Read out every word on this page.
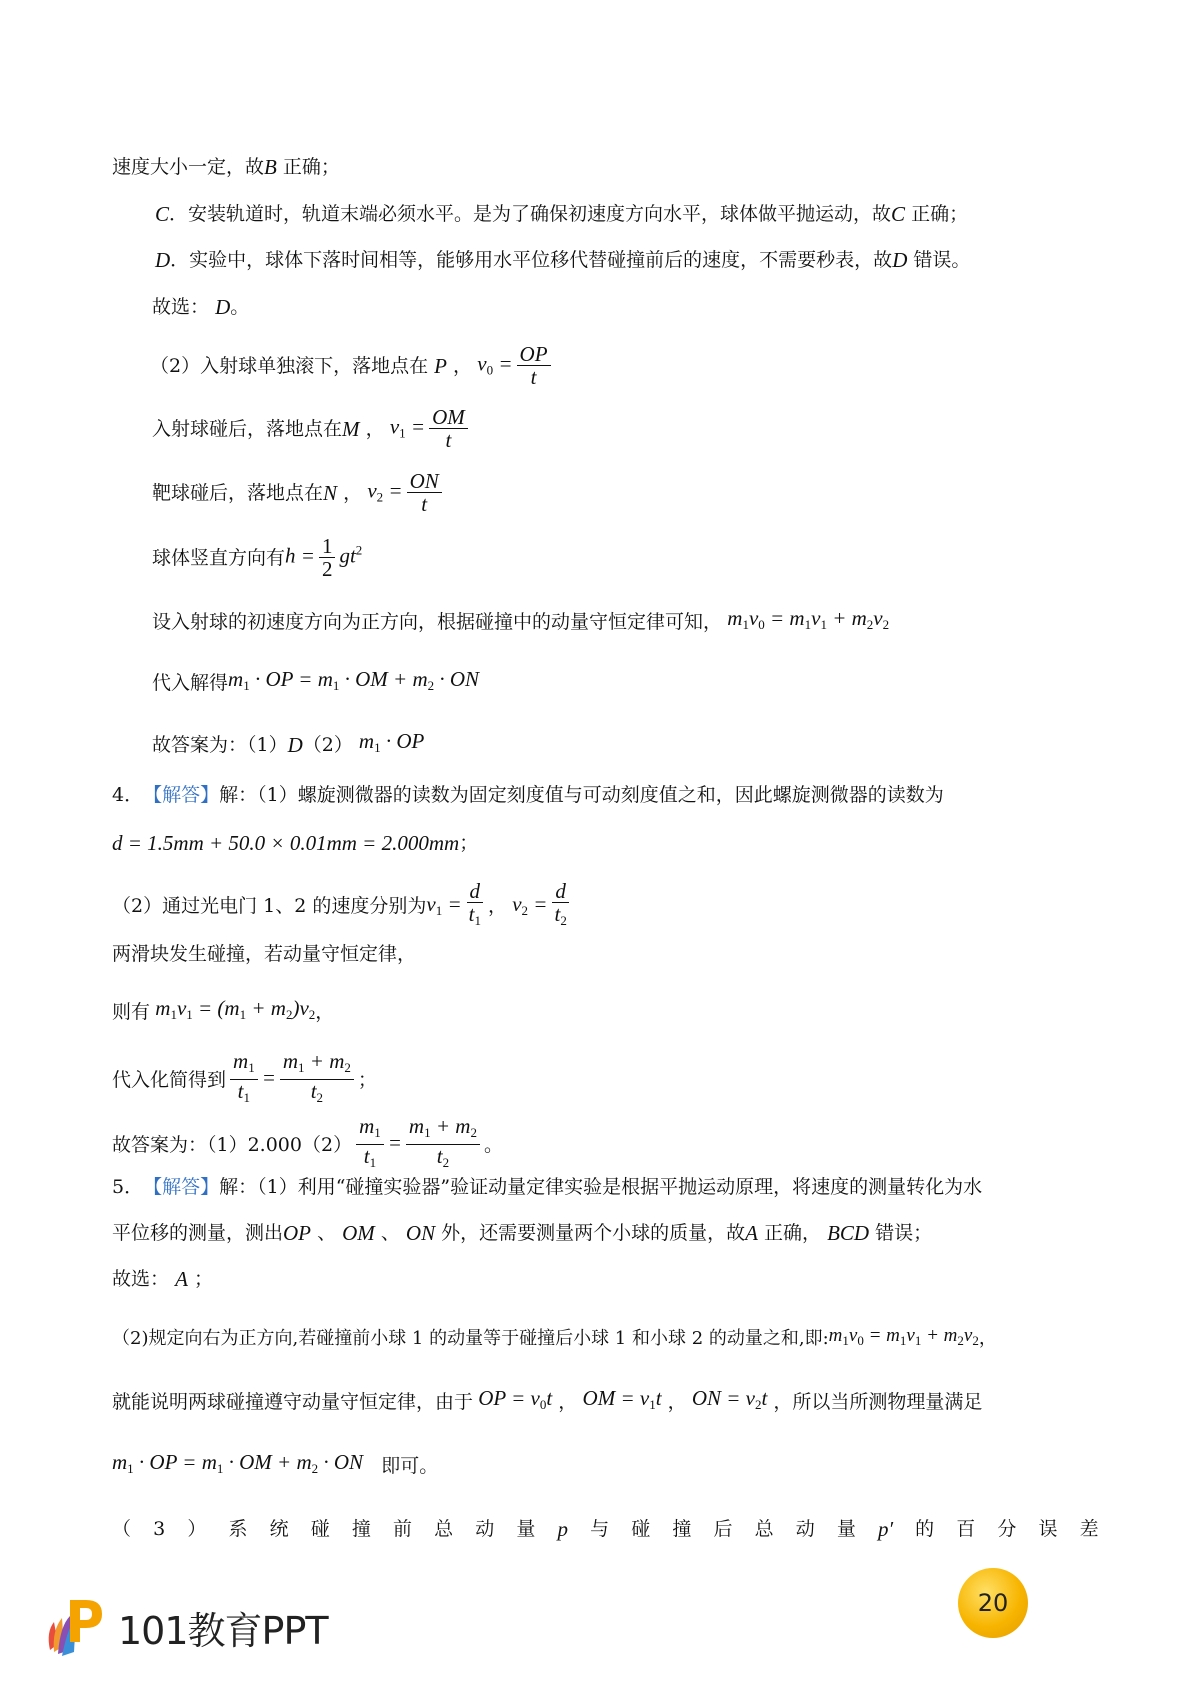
速度大小一定，故 B
正确；
C ．安装轨道时，轨道末端必须水平。是为了确保初速度方向水平，球体做平抛运动，故 C
正确；
D ．实验中，球体下落时间相等，能够用水平位移代替碰撞前后的速度，不需要秒表，故 D
错误。
故选：
D 。
（2）入射球单独滚下，落地点在
P
， $v_0 = \frac{OP}{t}$
入射球碰后，落地点在 M
， $v_1 = \frac{OM}{t}$
靶球碰后，落地点在 N
， $v_2 = \frac{ON}{t}$
球体竖直方向有 $h = \frac{1}{2} gt^2$
设入射球的初速度方向为正方向，根据碰撞中的动量守恒定律可知， $m_1v_0 = m_1v_1 + m_2v_2$
代入解得 $m_1$ · OP = $m_1$ · OM + $m_2$ · ON
故答案为：（1） D （2）
$m_1$ · OP
4． 【解答】 解：（1）螺旋测微器的读数为固定刻度值与可动刻度值之和，因此螺旋测微器的读数为
d = 1.5mm + 50.0 × 0.01mm = 2.000mm ；
（2）通过光电门 1、2 的速度分别为 $v_1 = \frac{d}{t_1}$ ， $v_2 = \frac{d}{t_2}$
两滑块发生碰撞，若动量守恒定律，
则有 $m_1v_1 = (m_1 + m_2)v_2$ ，
代入化简得到 $\frac{m_1}{t_1} = \frac{m_1 + m_2}{t_2}$ ；
故答案为：$(1)2.000(2) \frac{m_1}{t_1} = \frac{m_1 + m_2}{t_2}$ 。
5． 【解答】 解：（1）利用“碰撞实验器”验证动量定律实验是根据平抛运动原理，将速度的测量转化为水
平位移的测量，测出 OP
、
OM
、
ON
外，还需要测量两个小球的质量，故 A
正确，
BCD
错误；
故选：
A
；
（2)规定向右为正方向,若碰撞前小球 1 的动量等于碰撞后小球 1 和小球 2 的动量之和,即: $m_1v_0 = m_1v_1 + m_2v_2$ ，
就能说明两球碰撞遵守动量守恒定律，由于 OP = $v_0t$
， OM = $v_1t$
， ON = $v_2t$
，所以当所测物理量满足
$m_1$ · OP = $m_1$ · OM + $m_2$ · ON
即可。
（ 3 ） 系 统 碰 撞 前 总 动 量 p 与 碰 撞 后 总 动 量 p′ 的 百 分 误 差
101教育PPT
20
